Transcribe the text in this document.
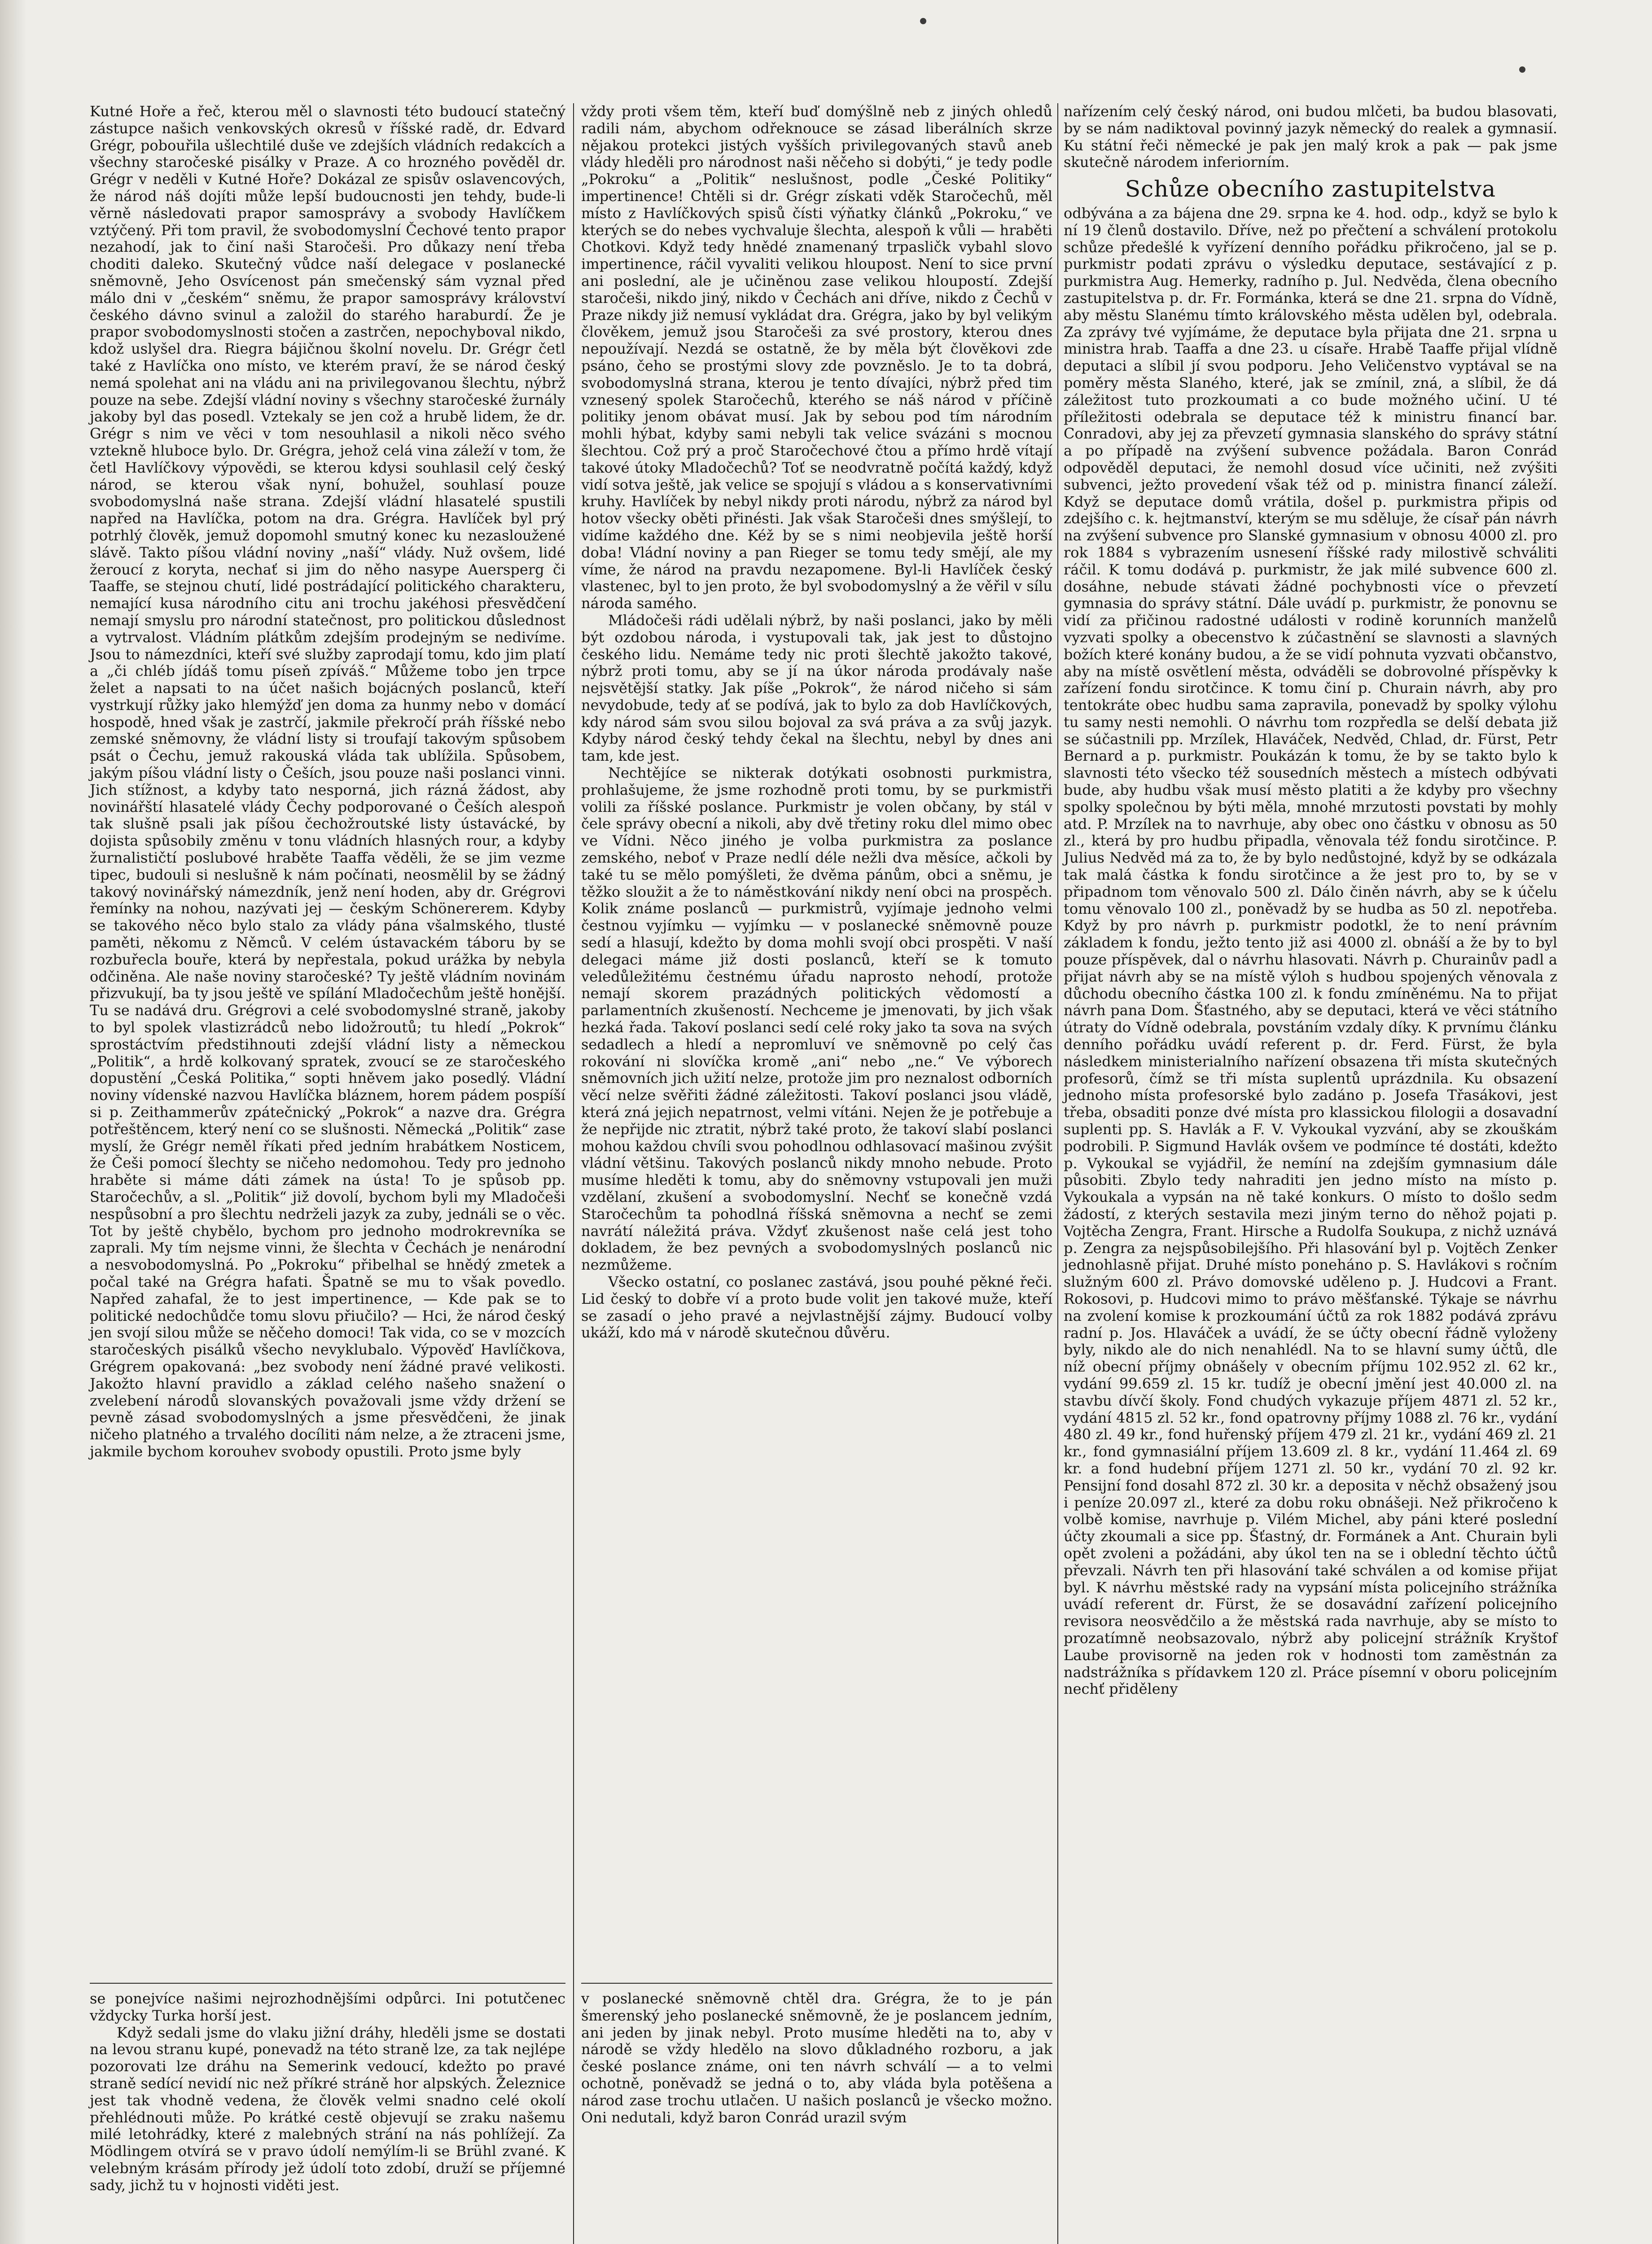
Kutné Hoře a řeč, kterou měl o slavnosti této budoucí statečný zástupce našich venkovských okresů v říšské radě, dr. Edvard Grégr, pobouřila ušlechtilé duše ve zdejších vládních redakcích a všechny staročeské pisálky v Praze. A co hrozného pověděl dr. Grégr v neděli v Kutné Hoře? Dokázal ze spisův oslavencových, že národ náš dojíti může lepší budoucnosti jen tehdy, bude-li věrně následovati prapor samosprávy a svobody Havlíčkem vztýčený. Při tom pravil, že svobodomyslní Čechové tento prapor nezahodí, jak to činí naši Staročeši. Pro důkazy není třeba choditi daleko. Skutečný vůdce naší delegace v poslanecké sněmovně, Jeho Osvícenost pán smečenský sám vyznal před málo dni v „českém“ sněmu, že prapor samosprávy království českého dávno svinul a založil do starého haraburdí. Že je prapor svobodomyslnosti stočen a zastrčen, nepochyboval nikdo, kdož uslyšel dra. Riegra bájičnou školní novelu. Dr. Grégr četl také z Havlíčka ono místo, ve kterém praví, že se národ český nemá spolehat ani na vládu ani na privilegovanou šlechtu, nýbrž pouze na sebe. Zdejší vládní noviny s všechny staročeské žurnály jakoby byl das posedl. Vztekaly se jen což a hrubě lidem, že dr. Grégr s nim ve věci v tom nesouhlasil a nikoli něco svého vztekně hluboce bylo. Dr. Grégra, jehož celá vina záleží v tom, že četl Havlíčkovy výpovědi, se kterou kdysi souhlasil celý český národ, se kterou však nyní, bohužel, souhlasí pouze svobodomyslná naše strana. Zdejší vládní hlasatelé spustili napřed na Havlíčka, potom na dra. Grégra. Havlíček byl prý potrhlý člověk, jemuž dopomohl smutný konec ku nezasloužené slávě. Takto píšou vládní noviny „naší“ vlády. Nuž ovšem, lidé žeroucí z koryta, nechať si jim do něho nasype Auersperg či Taaffe, se stejnou chutí, lidé postrádající politického charakteru, nemající kusa národního citu ani trochu jakéhosi přesvědčení nemají smyslu pro národní statečnost, pro politickou důslednost a vytrvalost. Vládním plátkům zdejším prodejným se nedivíme. Jsou to námezdníci, kteří své služby zaprodají tomu, kdo jim platí a „či chléb jídáš tomu píseň zpíváš.“ Můžeme tobo jen trpce želet a napsati to na účet našich bojácných poslanců, kteří vystrkují růžky jako hlemýžď jen doma za hunmy nebo v domácí hospodě, hned však je zastrčí, jakmile překročí práh říšské nebo zemské sněmovny, že vládní listy si troufají takovým spůsobem psát o Čechu, jemuž rakouská vláda tak ublížila. Spůsobem, jakým píšou vládní listy o Češích, jsou pouze naši poslanci vinni. Jich stížnost, a kdyby tato nesporná, jich rázná žádost, aby novinářští hlasatelé vlády Čechy podporované o Češích alespoň tak slušně psali jak píšou čechožroutské listy ústavácké, by dojista spůsobily změnu v tonu vládních hlasných rour, a kdyby žurnalističtí poslubové hraběte Taaffa věděli, že se jim vezme tipec, budouli si neslušně k nám počínati, neosmělil by se žádný takový novinářský námezdník, jenž není hoden, aby dr. Grégrovi řemínky na nohou, nazývati jej — českým Schönererem. Kdyby se takového něco bylo stalo za vlády pána všalmského, tlusté paměti, někomu z Němců. V celém ústavackém táboru by se rozbuřecla bouře, která by nepřestala, pokud urážka by nebyla odčiněna. Ale naše noviny staročeské? Ty ještě vládním novinám přizvukují, ba ty jsou ještě ve spílání Mladočechům ještě honější. Tu se nadává dru. Grégrovi a celé svobodomyslné straně, jakoby to byl spolek vlastizrádců nebo lidožroutů; tu hledí „Pokrok“ sprostáctvím předstihnouti zdejší vládní listy a německou „Politik“, a hrdě kolkovaný spratek, zvoucí se ze staročeského dopustění „Česká Politika,“ sopti hněvem jako posedlý. Vládní noviny vídenské nazvou Havlíčka bláznem, horem pádem pospíší si p. Zeithammerův zpátečnický „Pokrok“ a nazve dra. Grégra potřeštěncem, který není co se slušnosti. Německá „Politik“ zase myslí, že Grégr neměl říkati před jedním hrabátkem Nosticem, že Češi pomocí šlechty se ničeho nedomohou. Tedy pro jednoho hraběte si máme dáti zámek na ústa! To je spůsob pp. Staročechův, a sl. „Politik“ již dovolí, bychom byli my Mladočeši nespůsobní a pro šlechtu nedrželi jazyk za zuby, jednáli se o věc. Tot by ještě chybělo, bychom pro jednoho modrokrevníka se zaprali. My tím nejsme vinni, že šlechta v Čechách je nenárodní a nesvobodomyslná. Po „Pokroku“ přibelhal se hnědý zmetek a počal také na Grégra hafati. Špatně se mu to však povedlo. Napřed zahafal, že to jest impertinence, — Kde pak se to politické nedochůdče tomu slovu přiučilo? — Hci, že národ český jen svojí silou může se něčeho domoci! Tak vida, co se v mozcích staročeských pisálků všecho nevyklubalo. Výpověď Havlíčkova, Grégrem opakovaná: „bez svobody není žádné pravé velikosti. Jakožto hlavní pravidlo a základ celého našeho snažení o zvelebení národů slovanských považovali jsme vždy držení se pevně zásad svobodomyslných a jsme přesvědčeni, že jinak ničeho platného a trvalého docíliti nám nelze, a že ztraceni jsme, jakmile bychom korouhev svobody opustili. Proto jsme byly

vždy proti všem těm, kteří buď domýšlně neb z jiných ohledů radili nám, abychom odřeknouce se zásad liberálních skrze nějakou protekci jistých vyšších privilegovaných stavů aneb vlády hleděli pro národnost naši něčeho si dobýti,“ je tedy podle „Pokroku“ a „Politik“ neslušnost, podle „České Politiky“ impertinence! Chtěli si dr. Grégr získati vděk Staročechů, měl místo z Havlíčkových spisů čísti výňatky článků „Pokroku,“ ve kterých se do nebes vychvaluje šlechta, alespoň k vůli — hraběti Chotkovi. Když tedy hnědé znamenaný trpasličk vybahl slovo impertinence, ráčil vyvaliti velikou hloupost. Není to sice první ani poslední, ale je učiněnou zase velikou hloupostí. Zdejší staročeši, nikdo jiný, nikdo v Čechách ani dříve, nikdo z Čechů v Praze nikdy již nemusí vykládat dra. Grégra, jako by byl velikým člověkem, jemuž jsou Staročeši za své prostory, kterou dnes nepoužívají. Nezdá se ostatně, že by měla být člověkovi zde psáno, čeho se prostými slovy zde povzněslo. Je to ta dobrá, svobodomyslná strana, kterou je tento dívajíci, nýbrž před tim vznesený spolek Staročechů, kterého se náš národ v příčině politiky jenom obávat musí. Jak by sebou pod tím národním mohli hýbat, kdyby sami nebyli tak velice svázáni s mocnou šlechtou. Což prý a proč Staročechové čtou a přímo hrdě vítají takové útoky Mladočechů? Toť se neodvratně počítá každý, když vidí sotva ještě, jak velice se spojují s vládou a s konservativními kruhy. Havlíček by nebyl nikdy proti národu, nýbrž za národ byl hotov všecky oběti přinésti. Jak však Staročeši dnes smýšlejí, to vidíme každého dne. Kéž by se s nimi neobjevila ještě horší doba! Vládní noviny a pan Rieger se tomu tedy smějí, ale my víme, že národ na pravdu nezapomene. Byl-li Havlíček český vlastenec, byl to jen proto, že byl svobodomyslný a že věřil v sílu národa samého.

Mládočeši rádi udělali nýbrž, by naši poslanci, jako by měli být ozdobou národa, i vystupovali tak, jak jest to důstojno českého lidu. Nemáme tedy nic proti šlechtě jakožto takové, nýbrž proti tomu, aby se jí na úkor národa prodávaly naše nejsvětější statky. Jak píše „Pokrok“, že národ ničeho si sám nevydobude, tedy ať se podívá, jak to bylo za dob Havlíčkových, kdy národ sám svou silou bojoval za svá práva a za svůj jazyk. Kdyby národ český tehdy čekal na šlechtu, nebyl by dnes ani tam, kde jest.

Nechtějíce se nikterak dotýkati osobnosti purkmistra, prohlašujeme, že jsme rozhodně proti tomu, by se purkmistři volili za říšské poslance. Purkmistr je volen občany, by stál v čele správy obecní a nikoli, aby dvě třetiny roku dlel mimo obec ve Vídni. Něco jiného je volba purkmistra za poslance zemského, neboť v Praze nedlí déle nežli dva měsíce, ačkoli by také tu se mělo pomýšleti, že dvěma pánům, obci a sněmu, je těžko sloužit a že to náměstkování nikdy není obci na prospěch. Kolik známe poslanců — purkmistrů, vyjímaje jednoho velmi čestnou vyjímku — vyjímku — v poslanecké sněmovně pouze sedí a hlasují, kdežto by doma mohli svojí obci prospěti. V naší delegaci máme již dosti poslanců, kteří se k tomuto veledůležitému čestnému úřadu naprosto nehodí, protože nemají skorem prazádných politických vědomostí a parlamentních zkušeností. Nechceme je jmenovati, by jich však hezká řada. Takoví poslanci sedí celé roky jako ta sova na svých sedadlech a hledí a nepromluví ve sněmovně po celý čas rokování ni slovíčka kromě „ani“ nebo „ne.“ Ve výborech sněmovních jich užití nelze, protože jim pro neznalost odborních věcí nelze svěřiti žádné záležitosti. Takoví poslanci jsou vládě, která zná jejich nepatrnost, velmi vítáni. Nejen že je potřebuje a že nepřijde nic ztratit, nýbrž také proto, že takoví slabí poslanci mohou každou chvíli svou pohodlnou odhlasovací mašinou zvýšit vládní většinu. Takových poslanců nikdy mnoho nebude. Proto musíme hleděti k tomu, aby do sněmovny vstupovali jen muži vzdělaní, zkušení a svobodomyslní. Nechť se konečně vzdá Staročechům ta pohodlná říšská sněmovna a nechť se zemi navrátí náležitá práva. Vždyť zkušenost naše celá jest toho dokladem, že bez pevných a svobodomyslných poslanců nic nezmůžeme.

Všecko ostatní, co poslanec zastává, jsou pouhé pěkné řeči. Lid český to dobře ví a proto bude volit jen takové muže, kteří se zasadí o jeho pravé a nejvlastnější zájmy. Budoucí volby ukáží, kdo má v národě skutečnou důvěru.

se ponejvíce našimi nejrozhodnějšími odpůrci. Ini potutčenec vždycky Turka horší jest.

Když sedali jsme do vlaku jižní dráhy, hleděli jsme se dostati na levou stranu kupé, ponevadž na této straně lze, za tak nejlépe pozorovati lze dráhu na Semerink vedoucí, kdežto po pravé straně sedící nevidí nic než příkré stráně hor alpských. Železnice jest tak vhodně vedena, že člověk velmi snadno celé okolí přehlédnouti může. Po krátké cestě objevují se zraku našemu milé letohrádky, které z malebných strání na nás pohlížejí. Za Mödlingem otvírá se v pravo údolí nemýlím-li se Brühl zvané. K velebným krásám přírody jež údolí toto zdobí, druží se příjemné sady, jichž tu v hojnosti viděti jest.

v poslanecké sněmovně chtěl dra. Grégra, že to je pán šmerenský jeho poslanecké sněmovně, že je poslancem jedním, ani jeden by jinak nebyl. Proto musíme hleděti na to, aby v národě se vždy hledělo na slovo důkladného rozboru, a jak české poslance známe, oni ten návrh schválí — a to velmi ochotně, poněvadž se jedná o to, aby vláda byla potěšena a národ zase trochu utlačen. U našich poslanců je všecko možno. Oni nedutali, když baron Conrád urazil svým

nařízením celý český národ, oni budou mlčeti, ba budou blasovati, by se nám nadiktoval povinný jazyk německý do realek a gymnasií. Ku státní řeči německé je pak jen malý krok a pak — pak jsme skutečně národem inferiorním.

Schůze obecního zastupitelstva

odbývána a za bájena dne 29. srpna ke 4. hod. odp., když se bylo k ní 19 členů dostavilo. Dříve, než po přečtení a schválení protokolu schůze předešlé k vyřízení denního pořádku přikročeno, jal se p. purkmistr podati zprávu o výsledku deputace, sestávající z p. purkmistra Aug. Hemerky, radního p. Jul. Nedvěda, člena obecního zastupitelstva p. dr. Fr. Formánka, která se dne 21. srpna do Vídně, aby městu Slanému tímto královského města udělen byl, odebrala. Za zprávy tvé vyjímáme, že deputace byla přijata dne 21. srpna u ministra hrab. Taaffa a dne 23. u císaře. Hrabě Taaffe přijal vlídně deputaci a slíbil jí svou podporu. Jeho Veličenstvo vyptával se na poměry města Slaného, které, jak se zmínil, zná, a slíbil, že dá záležitost tuto prozkoumati a co bude možného učiní. U té příležitosti odebrala se deputace též k ministru financí bar. Conradovi, aby jej za převzetí gymnasia slanského do správy státní a po případě na zvýšení subvence požádala. Baron Conrád odpověděl deputaci, že nemohl dosud více učiniti, než zvýšiti subvenci, ježto provedení však též od p. ministra financí záleží. Když se deputace domů vrátila, došel p. purkmistra připis od zdejšího c. k. hejtmanství, kterým se mu sděluje, že císař pán návrh na zvýšení subvence pro Slanské gymnasium v obnosu 4000 zl. pro rok 1884 s vybrazením usnesení říšské rady milostivě schváliti ráčil. K tomu dodává p. purkmistr, že jak milé subvence 600 zl. dosáhne, nebude stávati žádné pochybnosti více o převzetí gymnasia do správy státní. Dále uvádí p. purkmistr, že ponovnu se vidí za přičinou radostné události v rodině korunních manželů vyzvati spolky a obecenstvo k zúčastnění se slavnosti a slavných božích které konány budou, a že se vidí pohnuta vyzvati občanstvo, aby na místě osvětlení města, odváděli se dobrovolné příspěvky k zařízení fondu sirotčince. K tomu činí p. Churain návrh, aby pro tentokráte obec hudbu sama zapravila, ponevadž by spolky výlohu tu samy nesti nemohli. O návrhu tom rozpředla se delší debata již se súčastnili pp. Mrzílek, Hlaváček, Nedvěd, Chlad, dr. Fürst, Petr Bernard a p. purkmistr. Poukázán k tomu, že by se takto bylo k slavnosti této všecko též sousedních městech a místech odbývati bude, aby hudbu však musí město platiti a že kdyby pro všechny spolky společnou by býti měla, mnohé mrzutosti povstati by mohly atd. P. Mrzílek na to navrhuje, aby obec ono částku v obnosu as 50 zl., která by pro hudbu připadla, věnovala též fondu sirotčince. P. Julius Nedvěd má za to, že by bylo nedůstojné, když by se odkázala tak malá částka k fondu sirotčince a že jest pro to, by se v připadnom tom věnovalo 500 zl. Dálo činěn návrh, aby se k účelu tomu věnovalo 100 zl., poněvadž by se hudba as 50 zl. nepotřeba. Když by pro návrh p. purkmistr podotkl, že to není právním základem k fondu, ježto tento již asi 4000 zl. obnáší a že by to byl pouze příspěvek, dal o návrhu hlasovati. Návrh p. Churainův padl a přijat návrh aby se na místě výloh s hudbou spojených věnovala z důchodu obecního částka 100 zl. k fondu zmíněnému. Na to přijat návrh pana Dom. Šťastného, aby se deputaci, která ve věci státního útraty do Vídně odebrala, povstáním vzdaly díky. K prvnímu článku denního pořádku uvádí referent p. dr. Ferd. Fürst, že byla následkem ministerialního nařízení obsazena tři místa skutečných profesorů, čímž se tři místa suplentů uprázdnila. Ku obsazení jednoho místa profesorské bylo zadáno p. Josefa Třasákovi, jest třeba, obsaditi ponze dvé místa pro klassickou filologii a dosavadní suplenti pp. S. Havlák a F. V. Vykoukal vyzvání, aby se zkouškám podrobili. P. Sigmund Havlák ovšem ve podmínce té dostáti, kdežto p. Vykoukal se vyjádřil, že nemíní na zdejším gymnasium dále působiti. Zbylo tedy nahraditi jen jedno místo na místo p. Vykoukala a vypsán na ně také konkurs. O místo to došlo sedm žádostí, z kterých sestavila mezi jiným terno do něhož pojati p. Vojtěcha Zengra, Frant. Hirsche a Rudolfa Soukupa, z nichž uznává p. Zengra za nejspůsobilejšího. Při hlasování byl p. Vojtěch Zenker jednohlasně přijat. Druhé místo poneháno p. S. Havlákovi s ročním služným 600 zl. Právo domovské uděleno p. J. Hudcovi a Frant. Rokosovi, p. Hudcovi mimo to právo měšťanské. Týkaje se návrhu na zvolení komise k prozkoumání účtů za rok 1882 podává zprávu radní p. Jos. Hlaváček a uvádí, že se účty obecní řádně vyloženy byly, nikdo ale do nich nenahlédl. Na to se hlavní sumy účtů, dle níž obecní příjmy obnášely v obecním příjmu 102.952 zl. 62 kr., vydání 99.659 zl. 15 kr. tudíž je obecní jmění jest 40.000 zl. na stavbu dívčí školy. Fond chudých vykazuje příjem 4871 zl. 52 kr., vydání 4815 zl. 52 kr., fond opatrovny příjmy 1088 zl. 76 kr., vydání 480 zl. 49 kr., fond huřenský příjem 479 zl. 21 kr., vydání 469 zl. 21 kr., fond gymnasiální příjem 13.609 zl. 8 kr., vydání 11.464 zl. 69 kr. a fond hudební příjem 1271 zl. 50 kr., vydání 70 zl. 92 kr. Pensijní fond dosahl 872 zl. 30 kr. a deposita v něchž obsažený jsou i peníze 20.097 zl., které za dobu roku obnášeji. Než přikročeno k volbě komise, navrhuje p. Vilém Michel, aby páni které poslední účty zkoumali a sice pp. Šťastný, dr. Formánek a Ant. Churain byli opět zvoleni a požádáni, aby úkol ten na se i oblední těchto účtů převzali. Návrh ten při hlasování také schválen a od komise přijat byl. K návrhu městské rady na vypsání místa policejního strážníka uvádí referent dr. Fürst, že se dosavádní zařízení policejního revisora neosvědčilo a že městská rada navrhuje, aby se místo to prozatímně neobsazovalo, nýbrž aby policejní strážník Kryštof Laube provisorně na jeden rok v hodnosti tom zaměstnán za nadstrážníka s přídavkem 120 zl. Práce písemní v oboru policejním nechť přiděleny
